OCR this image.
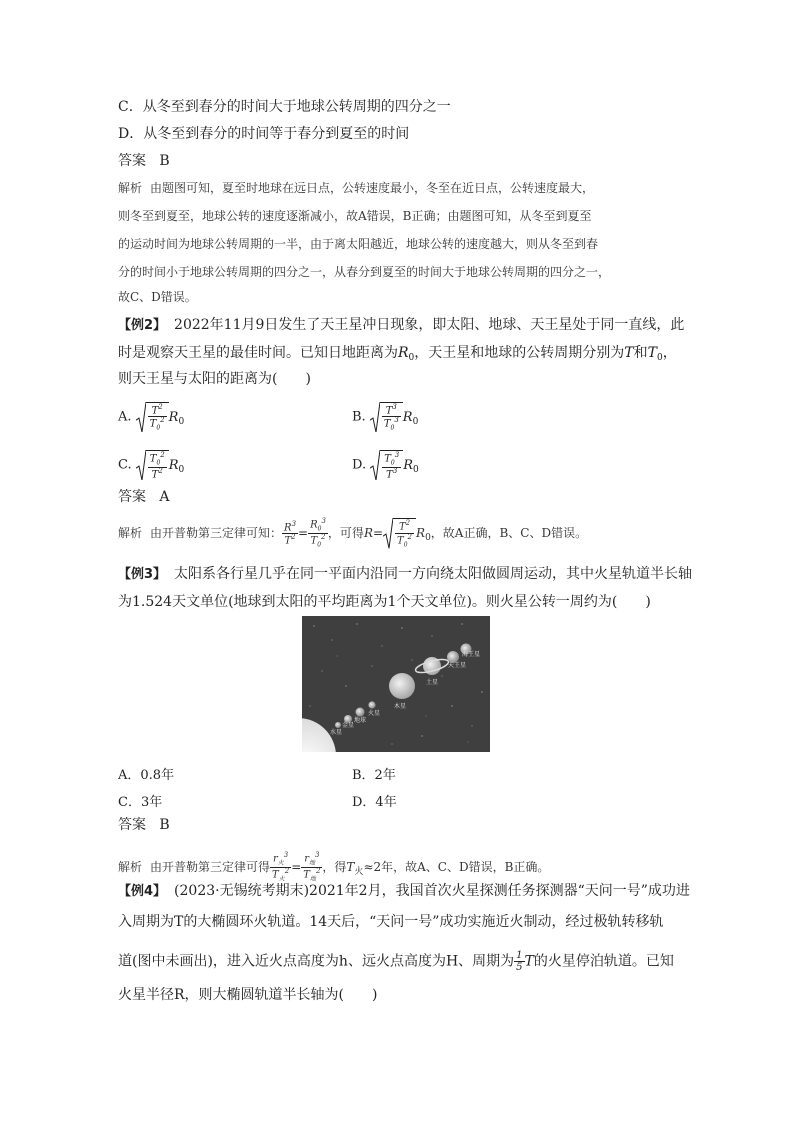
C．从冬至到春分的时间大于地球公转周期的四分之一
D．从冬至到春分的时间等于春分到夏至的时间
答案 B
解析 由题图可知，夏至时地球在远日点，公转速度最小，冬至在近日点，公转速度最大，
则冬至到夏至，地球公转的速度逐渐减小，故A错误，B正确；由题图可知，从冬至到夏至
的运动时间为地球公转周期的一半，由于离太阳越近，地球公转的速度越大，则从冬至到春
分的时间小于地球公转周期的四分之一，从春分到夏至的时间大于地球公转周期的四分之一，
故C、D错误。
【例2】 2022年11月9日发生了天王星冲日现象，即太阳、地球、天王星处于同一直线，此
时是观察天王星的最佳时间。已知日地距离为$R_0$，天王星和地球的公转周期分别为T和$T_0$，
则天王星与太阳的距离为(　　)
A. $\frac{T^2}{T_0^2} R_0$	B. $\frac{T^3}{T_0^3} R_0$
C. $\frac{T_0^2}{T^2} R_0$	D. $\frac{T_0^3}{T^3} R_0$
答案 A
解析 由开普勒第三定律可知： $\frac{R^3}{T^2} = \frac{R_0^3}{T_0^2}$ ，可得$R= \frac{T^2}{T_0^2} R_0$，故A正确，B、C、D错误。
【例3】 太阳系各行星几乎在同一平面内沿同一方向绕太阳做圆周运动，其中火星轨道半长轴
为1.524天文单位(地球到太阳的平均距离为1个天文单位)。则火星公转一周约为(　　)
水星
金星
地球
火星
木星
土星
天王星
海王星
A．0.8年	B．2年
C．3年	D．4年
答案 B
解析 由开普勒第三定律可得 $\frac{r_火^3}{T_火^2} = \frac{r_地^3}{T_地^2}$ ，得$T_火\approx 2$年，故A、C、D错误，B正确。
【例4】 (2023·无锡统考期末)2021年2月，我国首次火星探测任务探测器“天问一号”成功进
入周期为T的大椭圆环火轨道。14天后，“天问一号”成功实施近火制动，经过极轨转移轨
道(图中未画出)，进入近火点高度为h、远火点高度为H、周期为 $\frac{1}{5}$ T的火星停泊轨道。已知
火星半径R，则大椭圆轨道半长轴为(　　)
